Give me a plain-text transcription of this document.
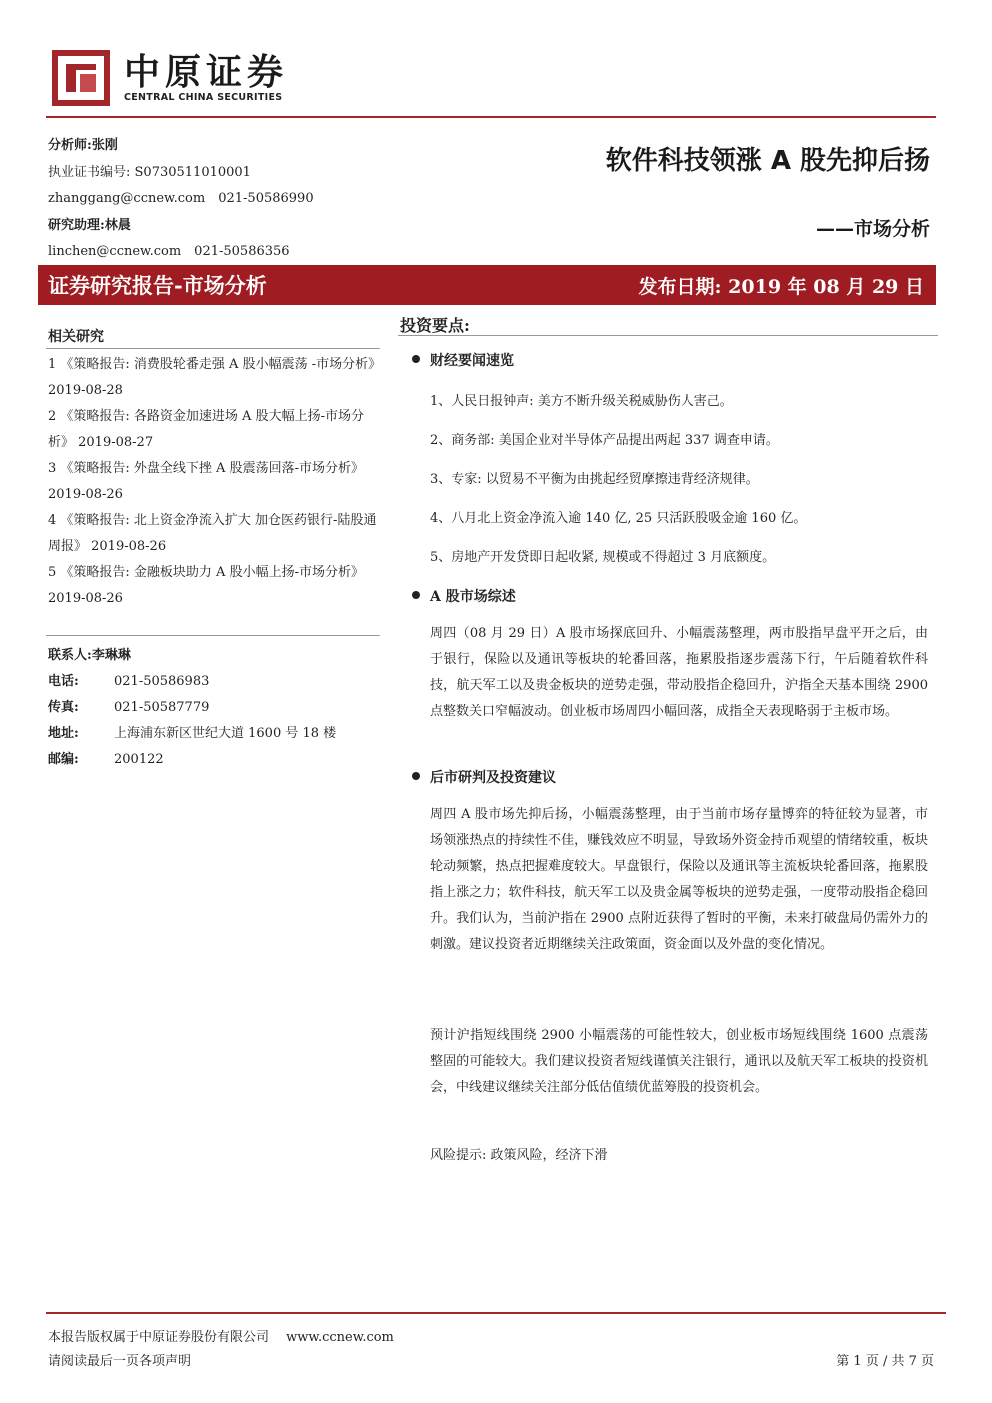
中原证券
CENTRAL CHINA SECURITIES
分析师:张刚
执业证书编号: S0730511010001
zhanggang@ccnew.com　021-50586990
研究助理:林晨
linchen@ccnew.com　021-50586356
软件科技领涨 A 股先抑后扬
——市场分析
证券研究报告-市场分析	发布日期: 2019 年 08 月 29 日
相关研究
1 《策略报告: 消费股轮番走强 A 股小幅震荡 -市场分析》 2019-08-28
2 《策略报告: 各路资金加速进场 A 股大幅上扬-市场分析》 2019-08-27
3 《策略报告: 外盘全线下挫 A 股震荡回落-市场分析》 2019-08-26
4 《策略报告: 北上资金净流入扩大 加仓医药银行-陆股通周报》 2019-08-26
5 《策略报告: 金融板块助力 A 股小幅上扬-市场分析》 2019-08-26
联系人:李琳琳
电话:	021-50586983
传真:	021-50587779
地址:	上海浦东新区世纪大道 1600 号 18 楼
邮编:	200122
投资要点:
财经要闻速览
1、人民日报钟声: 美方不断升级关税威胁伤人害己。
2、商务部: 美国企业对半导体产品提出两起 337 调查申请。
3、专家: 以贸易不平衡为由挑起经贸摩擦违背经济规律。
4、八月北上资金净流入逾 140 亿, 25 只活跃股吸金逾 160 亿。
5、房地产开发贷即日起收紧, 规模或不得超过 3 月底额度。
A 股市场综述
周四（08 月 29 日）A 股市场探底回升、小幅震荡整理，两市股指早盘平开之后，由于银行，保险以及通讯等板块的轮番回落，拖累股指逐步震荡下行，午后随着软件科技，航天军工以及贵金板块的逆势走强，带动股指企稳回升，沪指全天基本围绕 2900 点整数关口窄幅波动。创业板市场周四小幅回落，成指全天表现略弱于主板市场。
后市研判及投资建议
周四 A 股市场先抑后扬，小幅震荡整理，由于当前市场存量博弈的特征较为显著，市场领涨热点的持续性不佳，赚钱效应不明显，导致场外资金持币观望的情绪较重，板块轮动频繁，热点把握难度较大。早盘银行，保险以及通讯等主流板块轮番回落，拖累股指上涨之力；软件科技，航天军工以及贵金属等板块的逆势走强，一度带动股指企稳回升。我们认为，当前沪指在 2900 点附近获得了暂时的平衡，未来打破盘局仍需外力的刺激。建议投资者近期继续关注政策面，资金面以及外盘的变化情况。
预计沪指短线围绕 2900 小幅震荡的可能性较大，创业板市场短线围绕 1600 点震荡整固的可能较大。我们建议投资者短线谨慎关注银行，通讯以及航天军工板块的投资机会，中线建议继续关注部分低估值绩优蓝筹股的投资机会。
风险提示: 政策风险，经济下滑
本报告版权属于中原证券股份有限公司　 www.ccnew.com
请阅读最后一页各项声明	第 1 页 / 共 7 页
